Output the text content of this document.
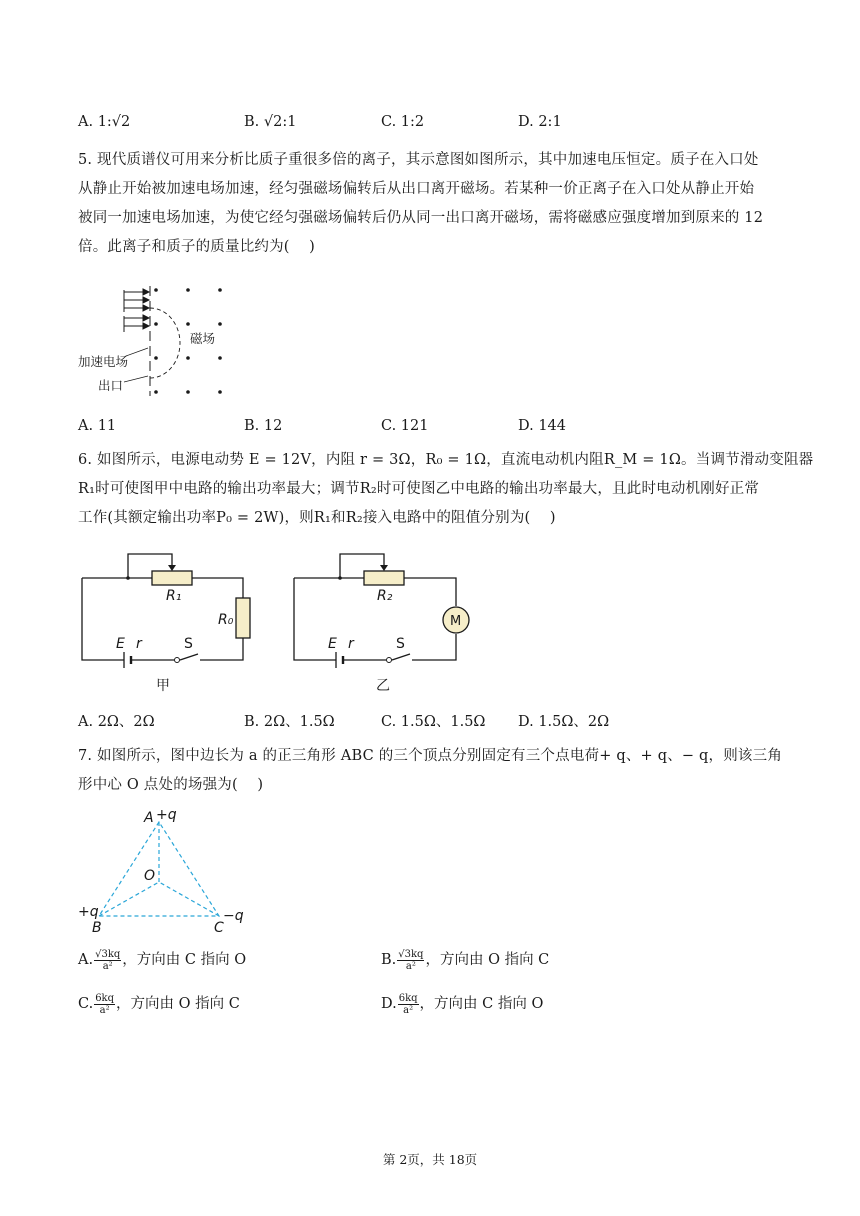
A. 1:√2	B. √2:1	C. 1:2	D. 2:1

5. 现代质谱仪可用来分析比质子重很多倍的离子，其示意图如图所示，其中加速电压恒定。质子在入口处

从静止开始被加速电场加速，经匀强磁场偏转后从出口离开磁场。若某种一价正离子在入口处从静止开始

被同一加速电场加速，为使它经匀强磁场偏转后仍从同一出口离开磁场，需将磁感应强度增加到原来的 12

倍。此离子和质子的质量比约为(　 )

磁场
加速电场
出口
A. 11	B. 12	C. 121	D. 144

6. 如图所示，电源电动势 E = 12V，内阻 r = 3Ω，R₀ = 1Ω，直流电动机内阻R_M = 1Ω。当调节滑动变阻器

R₁时可使图甲中电路的输出功率最大；调节R₂时可使图乙中电路的输出功率最大，且此时电动机刚好正常

工作(其额定输出功率P₀ = 2W)，则R₁和R₂接入电路中的阻值分别为(　 )

R₁
R₀
E r
R₂
E r
S	S
M
甲	乙
A. 2Ω、2Ω	B. 2Ω、1.5Ω	C. 1.5Ω、1.5Ω D. 1.5Ω、2Ω

7. 如图所示，图中边长为 a 的正三角形 ABC 的三个顶点分别固定有三个点电荷+ q、+ q、− q，则该三角

形中心 O 点处的场强为(　 )

A +q
O
+q
B	C
−q
A. $\frac{√3kq}{\text{a²}}$ ，方向由 C 指向 O	B. $\frac{√3kq}{\text{a²}}$ ，方向由 O 指向 C
C. $\frac{6kq}{\text{a²}}$ ，方向由 O 指向 C	D. $\frac{6kq}{\text{a²}}$ ，方向由 C 指向 O
第 2页，共 18页
